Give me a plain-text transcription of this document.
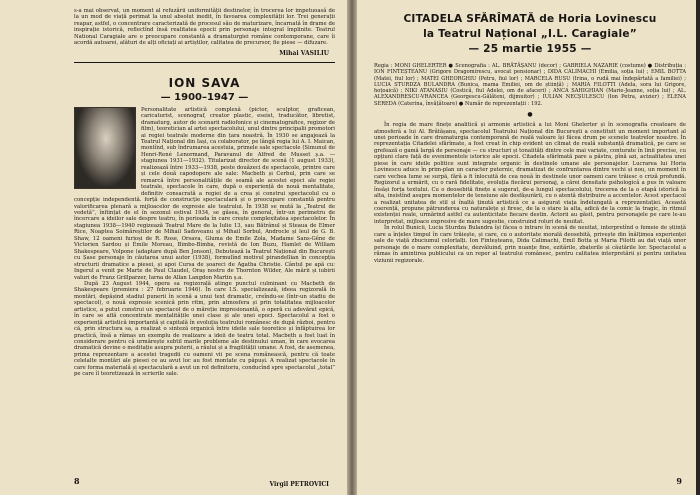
s-a mai observat, un moment al refuzării uniformității destinelor, în trocerea lor impetuoasă de la un mod de viață perimat la unul absolut inedit, în favoarea complexității lor. Trei generații reapar, astfel, o concentrare caracterizată de procesul său de maturizare, încarnată în drame de inspirație istorică, reflectînd însă realitatea epocii prin personaje integral împlinite. Teatrul National Caragiale are o preocupare constantă a dramaturgiei române contemporane, care îi acordă autoarei, alături de alți oficiați ai artiștilor, calitatea de precursor, fie piese — difuzare.

Mihai VASILIU
ION SAVA
— 1900–1947 —

Personalitate artistică complexă (pictor, sculptor, graficean, caricaturist, scenograf, creator plastic, eseist, traducător, libretist, dramaturg, autor de scenarii radiofonice și cinematografice, regizor de film), teoretician al artei spectacolului, unul dintre principalii promotori ai regiei teatrale moderne din țara noastră. În 1930 se angajează la Teatrul Național din Iași, ca colaborator, pe lângă regia lui A. I. Maican, montînd, sub îndrumarea acestuia, primele sale spectacole (Simunul de Henri-René Lenormand, Paravanul de Alfred de Musset ș.a. — stagiunea 1931—1932). Titularizat director de scenă (1 august 1933), realizează între 1933—1938, peste douăzeci de spectacole, printre care și cele două capodopere ale sale: Macbeth și Cerbul, prin care se remarcă între personalitățile de seamă ale acestei epoci ale regiei teatrale, spectacole în care, după o experiență de nouă mentalitate, definitiv consacrată a regiei de a crea și construi spectacolul cu o concepție independentă. forță de construcție spectaculară și o preocupare constantă pentru valorificarea plenară a mijloacelor de expresie ale teatrului. În 1938 se mută la „Teatrul de vedetă”, înființat de el în sezonul estival 1934, se găsea, în general, într-un perimetru de încercare a ideilor sale despre teatru, în perioada în care crește complexitatea spectacolelor. În stagiunea 1938—1940 regizează Teatrul Mare de la Iulie 13, sau Bătrânul și Steaua de Elmer Rice, Noaptea Soimăreștilor de Mihail Sadoveanu și Mihail Sorbul, Androcle și leul de G. B. Shaw, 12 oameni furioși de R. Rose, Orsava, Gluma de Emile Zola, Madame Sans-Gêne de Victorien Sardou și Émile Moreau, Bimbo-Bimba, revistă de Ion Buzu, Hamlet de William Shakespeare, Volpone (adaptare după Ben Jonson), Debutează la Teatrul Național din București cu Șase personaje în căutarea unui autor (1938), formulînd motivul pirandellian în concepția structurii dramatice a piesei, și apoi Cursa de șoareci de Agatha Christie. Cântul pe apă cu: Ingerul a venit pe Marte de Paul Claudel, Oraș nostru de Thornton Wilder, Ale mării și iubirii valuri de Franz Grillparzer, Iarna de Allan Langdon Martin ș.a.

După 23 August 1944, opera sa regizorală atinge punctul culminant cu Macbeth de Shakespeare (premiera : 27 februarie 1946). În care I.S. specializează, ideea regizorală în montări, depășind stadiul punerii în scenă a unui text dramatic, creîndu-se (într-un stadiu de spectacol), o nouă expresie scenică prin ritm, prin atmosfera și prin totalitatea mijloacelor artistice, a putut construi un spectacol de o măreție impresionantă, o operă cu adevărat epică, în care se află concentrate mentalitățile unei clase și ale unei epoci. Spectacolul a fost o experiență artistică importantă și capitală în evoluția teatrului românesc de după război, pentru că, prin structura sa, a realizat o sinteză organică între ideile sale teoretice și înfăptuirea lor practică, însă a rămas un exemplu de realizare a ideii de teatru total. Macbeth a fost luat în considerare pentru că urmărește subtil marile probleme ale destinului uman, în care evocarea dramatică devine o meditație asupra puterii, a răului și a fragilității umane. A fost, de asemenea, prima reprezentare a acestei tragedii cu oameni vii pe scena românească, pentru că toate celelalte montări ale piesei ce au avut loc au fost montate cu păpuși. A realizat spectacole în care forma materială și spectaculară a avut un rol definitoriu, conducînd spre spectacolul „total” pe care îl teoretizează în scrierile sale.

8	Virgil PETROVICI
CITADELA SFĂRÎMATĂ de Horia Lovinescu
la Teatrul Național „I.L. Caragiale”
— 25 martie 1955 —

Regia : MONI GHELERTER ● Scenografia : AL. BRĂTĂȘANU (decor) ; GABRIELA NAZARIE (costume) ● Distribuția : ION FINTEȘTEANU (Grigore Dragomirescu, avocat pensionar) ; DIDA CALIMACHI (Emilia, soția lui) ; EMIL BOTTA (Matei, fiul lor) ; MATEI GHEORGHIU (Petru, fiul lor) ; MARCELA RUSU (Irina, o rudă mai îndepărtată a familiei) ; LUCIA STURDZA BULANDRA (Bunica, mama Emiliei, om de știință) ; MARIA FILOTTI (Adela, sora lui Grigore, hoțoaică) ; NIKI ATANASIU (Costică, fiul Adelei, om de afaceri) ; ANCA SAHIGHIAN (Marie-Jeanne, soția lui) ; AL. ALEXANDRESCU-VRANCEA (Georgescu-Gălăteni, dijmuitor) ; IULIAN NECȘULESCU (Ion Petra, avizier) ; ELENA SEREDA (Caterina, învățătoare) ● Număr de reprezentații : 192.

●

În regia de mare finețe analitică și armonie artistică a lui Moni Ghelerter și în scenografia creatoare de atmosferă a lui Al. Brătășanu, spectacolul Teatrului Național din București a constituit un moment important al unei perioade în care dramaturgia contemporană de reală valoare își făcea drum pe scenele teatrelor noastre. În reprezentația Citadelei sfărîmate, a fost creat în chip evident un climat de reală substanță dramatică, pe care se grefează o gamă largă de personaje — cu structuri și tonalități dintre cele mai variate, conturate în linii precise, cu opțiuni clare față de evenimentele istorice ale epocii. Citadela sfărîmată pare a păstra, pînă azi, actualitatea unei piese în care ideile politice sunt integrate organic în destinele umane ale personajelor. Lucrarea lui Horia Lovinescu aduce în prim-plan un caracter puternic, dramatizat de confruntarea dintre vechi și nou, un moment în care vechea lume se surpă, fără a fi înlocuită de cea nouă în destinele unor oameni care trăiesc o criză profundă. Regizorul a urmărit, cu o rară fidelitate, evoluția fiecărui personaj, a cărei densitate psihologică a pus în valoare însăși forța textului. Cu o deosebită finețe a sugerat, de-a lungul spectacolului, trecerea de la o etapă istorică la alta, insistînd asupra momentelor de tensiune ale desfășurării, cu o atentă distribuire a accentelor. Acest spectacol a realizat unitatea de stil și înaltă ținută artistică ce a asigurat viața îndelungată a reprezentației. Această coerență, propune pătrunderea cu naturalețe și firesc, de la o stare la alta, adică de la comic la tragic, în ritmul existenței reale, urmărind astfel cu autenticitate fiecare destin. Actorii au găsit, pentru personajele pe care le-au interpretat, mijloace expresive de mare sugestie, construind roluri de neuitat.

În rolul Bunicii, Lucia Sturdza Bulandra își făcea o intrare în scenă de neuitat, interpretînd o femeie de știință care a înțeles timpul în care trăiește, și care, cu o autoritate morală deosebită, privește din înălțimea experienței sale de viață zbuciumul celorlalți. Ion Finteșteanu, Dida Calimachi, Emil Botta și Maria Filotti au dat viață unor personaje de o mare complexitate, dezvăluind, prin nuanțe fine, ezitările, zbaterile și căutările lor. Spectacolul a rămas în amintirea publicului ca un reper al teatrului românesc, pentru calitatea interpretării și pentru unitatea viziunii regizorale.

9
